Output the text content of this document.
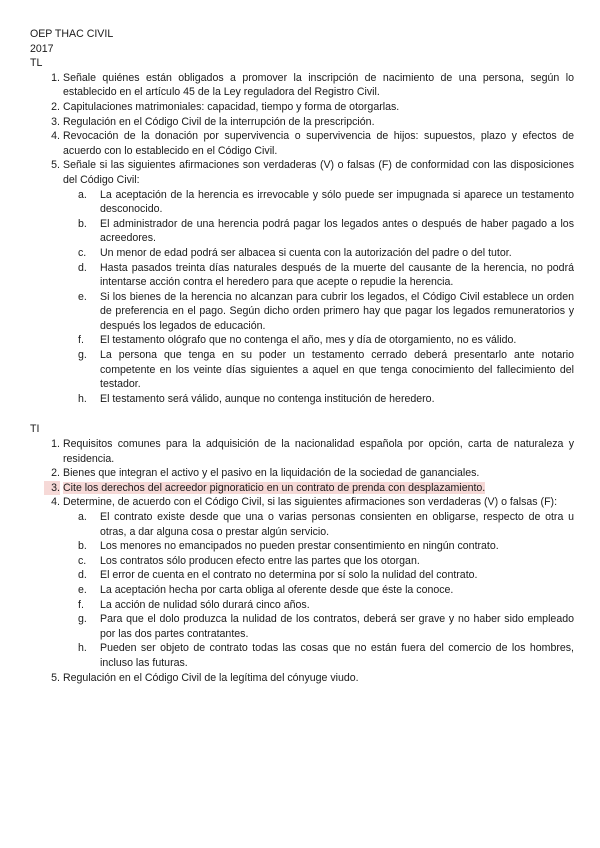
OEP THAC CIVIL
2017
TL
1. Señale quiénes están obligados a promover la inscripción de nacimiento de una persona, según lo establecido en el artículo 45 de la Ley reguladora del Registro Civil.
2. Capitulaciones matrimoniales: capacidad, tiempo y forma de otorgarlas.
3. Regulación en el Código Civil de la interrupción de la prescripción.
4. Revocación de la donación por supervivencia o supervivencia de hijos: supuestos, plazo y efectos de acuerdo con lo establecido en el Código Civil.
5. Señale si las siguientes afirmaciones son verdaderas (V) o falsas (F) de conformidad con las disposiciones del Código Civil:
a. La aceptación de la herencia es irrevocable y sólo puede ser impugnada si aparece un testamento desconocido.
b. El administrador de una herencia podrá pagar los legados antes o después de haber pagado a los acreedores.
c.	Un menor de edad podrá ser albacea si cuenta con la autorización del padre o del tutor.
d. Hasta pasados treinta días naturales después de la muerte del causante de la herencia, no podrá intentarse acción contra el heredero para que acepte o repudie la herencia.
e. Si los bienes de la herencia no alcanzan para cubrir los legados, el Código Civil establece un orden de preferencia en el pago. Según dicho orden primero hay que pagar los legados remuneratorios y después los legados de educación.
f.	El testamento ológrafo que no contenga el año, mes y día de otorgamiento, no es válido.
g. La persona que tenga en su poder un testamento cerrado deberá presentarlo ante notario competente en los veinte días siguientes a aquel en que tenga conocimiento del fallecimiento del testador.
h. El testamento será válido, aunque no contenga institución de heredero.
TI
1. Requisitos comunes para la adquisición de la nacionalidad española por opción, carta de naturaleza y residencia.
2. Bienes que integran el activo y el pasivo en la liquidación de la sociedad de gananciales.
3. Cite los derechos del acreedor pignoraticio en un contrato de prenda con desplazamiento.
4. Determine, de acuerdo con el Código Civil, si las siguientes afirmaciones son verdaderas (V) o falsas (F):
a. El contrato existe desde que una o varias personas consienten en obligarse, respecto de otra u otras, a dar alguna cosa o prestar algún servicio.
b. Los menores no emancipados no pueden prestar consentimiento en ningún contrato.
c.	Los contratos sólo producen efecto entre las partes que los otorgan.
d. El error de cuenta en el contrato no determina por sí solo la nulidad del contrato.
e. La aceptación hecha por carta obliga al oferente desde que éste la conoce.
f.	La acción de nulidad sólo durará cinco años.
g. Para que el dolo produzca la nulidad de los contratos, deberá ser grave y no haber sido empleado por las dos partes contratantes.
h. Pueden ser objeto de contrato todas las cosas que no están fuera del comercio de los hombres, incluso las futuras.
5. Regulación en el Código Civil de la legítima del cónyuge viudo.
